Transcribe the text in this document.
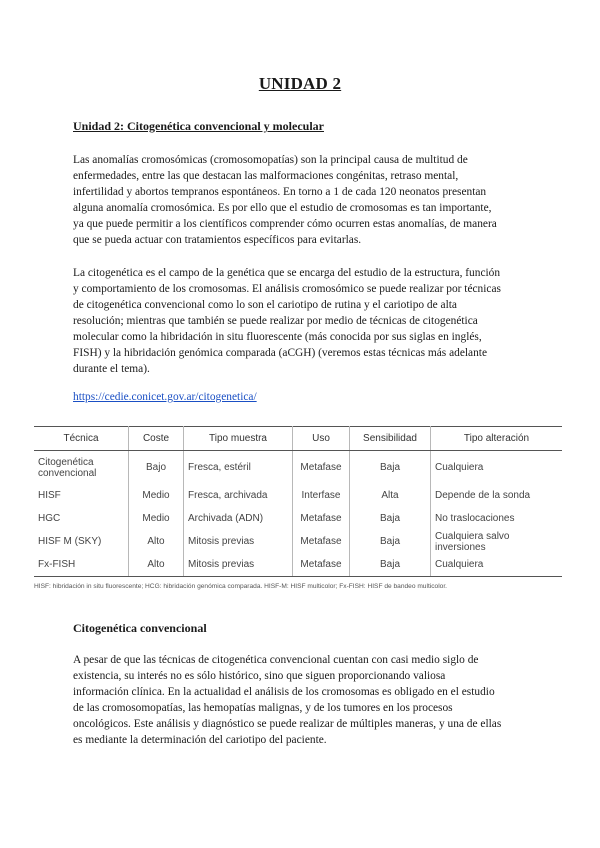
UNIDAD 2
Unidad 2: Citogenética convencional y molecular
Las anomalías cromosómicas (cromosomopatías) son la principal causa de multitud de
enfermedades, entre las que destacan las malformaciones congénitas, retraso mental,
infertilidad y abortos tempranos espontáneos. En torno a 1 de cada 120 neonatos presentan
alguna anomalía cromosómica. Es por ello que el estudio de cromosomas es tan importante,
ya que puede permitir a los científicos comprender cómo ocurren estas anomalías, de manera
que se pueda actuar con tratamientos específicos para evitarlas.
La citogenética es el campo de la genética que se encarga del estudio de la estructura, función
y comportamiento de los cromosomas. El análisis cromosómico se puede realizar por técnicas
de citogenética convencional como lo son el cariotipo de rutina y el cariotipo de alta
resolución; mientras que también se puede realizar por medio de técnicas de citogenética
molecular como la hibridación in situ fluorescente (más conocida por sus siglas en inglés,
FISH) y la hibridación genómica comparada (aCGH) (veremos estas técnicas más adelante
durante el tema).
https://cedie.conicet.gov.ar/citogenetica/
Técnica	Coste	Tipo muestra	Uso	Sensibilidad	Tipo alteración
Citogenética convencional	Bajo	Fresca, estéril	Metafase	Baja	Cualquiera
HISF	Medio	Fresca, archivada	Interfase	Alta	Depende de la sonda
HGC	Medio	Archivada (ADN)	Metafase	Baja	No traslocaciones
HISF M (SKY)	Alto	Mitosis previas	Metafase	Baja	Cualquiera salvo inversiones
Fx-FISH	Alto	Mitosis previas	Metafase	Baja	Cualquiera
HISF: hibridación in situ fluorescente; HCG: hibridación genómica comparada. HISF-M: HISF multicolor; Fx-FISH: HISF de bandeo multicolor.
Citogenética convencional
A pesar de que las técnicas de citogenética convencional cuentan con casi medio siglo de
existencia, su interés no es sólo histórico, sino que siguen proporcionando valiosa
información clínica. En la actualidad el análisis de los cromosomas es obligado en el estudio
de las cromosomopatías, las hemopatías malignas, y de los tumores en los procesos
oncológicos. Este análisis y diagnóstico se puede realizar de múltiples maneras, y una de ellas
es mediante la determinación del cariotipo del paciente.
